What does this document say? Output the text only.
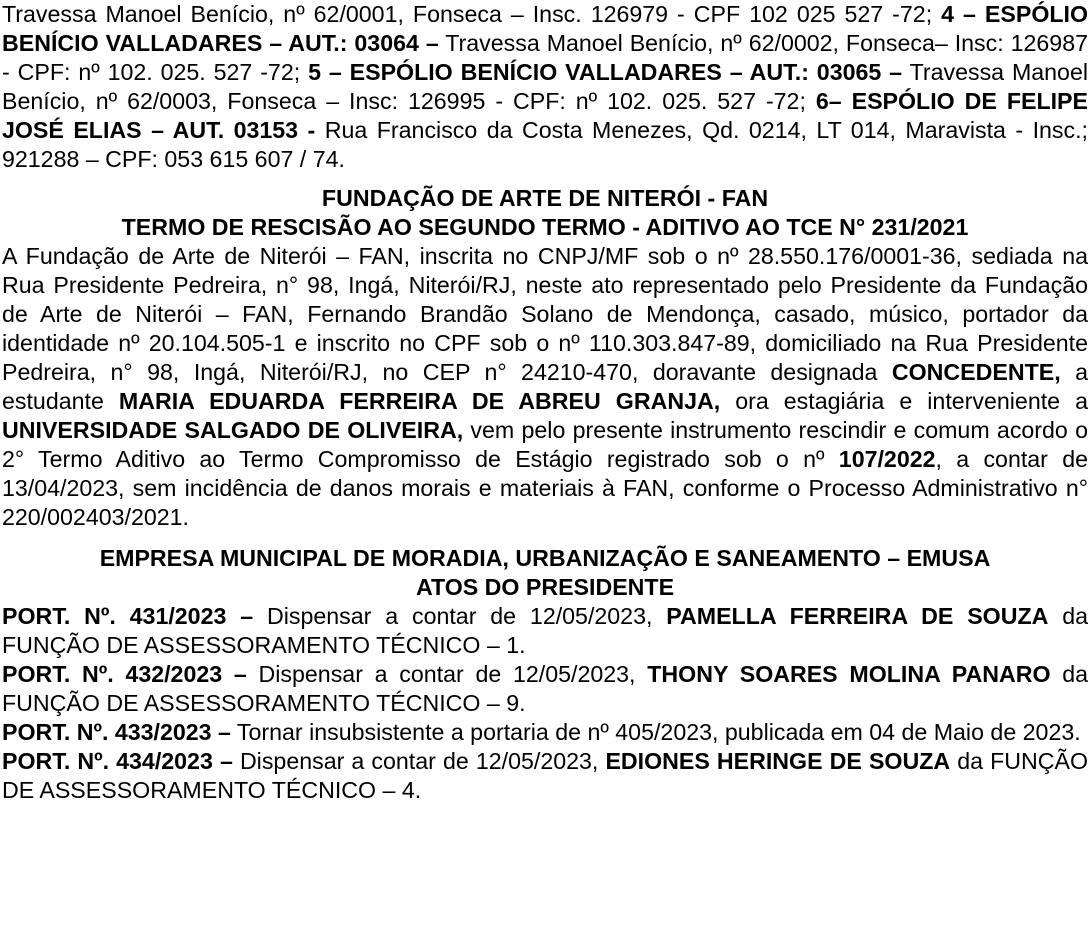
Travessa Manoel Benício, nº 62/0001, Fonseca – Insc. 126979 - CPF 102 025 527 -72; 4 – ESPÓLIO BENÍCIO VALLADARES – AUT.: 03064 – Travessa Manoel Benício, nº 62/0002, Fonseca– Insc: 126987 - CPF: nº 102. 025. 527 -72; 5 – ESPÓLIO BENÍCIO VALLADARES – AUT.: 03065 – Travessa Manoel Benício, nº 62/0003, Fonseca – Insc: 126995 - CPF: nº 102. 025. 527 -72; 6– ESPÓLIO DE FELIPE JOSÉ ELIAS – AUT. 03153 - Rua Francisco da Costa Menezes, Qd. 0214, LT 014, Maravista - Insc.; 921288 – CPF: 053 615 607 / 74.

FUNDAÇÃO DE ARTE DE NITERÓI - FAN
TERMO DE RESCISÃO AO SEGUNDO TERMO - ADITIVO AO TCE N° 231/2021

A Fundação de Arte de Niterói – FAN, inscrita no CNPJ/MF sob o nº 28.550.176/0001-36, sediada na Rua Presidente Pedreira, n° 98, Ingá, Niterói/RJ, neste ato representado pelo Presidente da Fundação de Arte de Niterói – FAN, Fernando Brandão Solano de Mendonça, casado, músico, portador da identidade nº 20.104.505-1 e inscrito no CPF sob o nº 110.303.847-89, domiciliado na Rua Presidente Pedreira, n° 98, Ingá, Niterói/RJ, no CEP n° 24210-470, doravante designada CONCEDENTE, a estudante MARIA EDUARDA FERREIRA DE ABREU GRANJA, ora estagiária e interveniente a UNIVERSIDADE SALGADO DE OLIVEIRA, vem pelo presente instrumento rescindir e comum acordo o 2° Termo Aditivo ao Termo Compromisso de Estágio registrado sob o nº 107/2022, a contar de 13/04/2023, sem incidência de danos morais e materiais à FAN, conforme o Processo Administrativo n° 220/002403/2021.

EMPRESA MUNICIPAL DE MORADIA, URBANIZAÇÃO E SANEAMENTO – EMUSA
ATOS DO PRESIDENTE

PORT. Nº. 431/2023 – Dispensar a contar de 12/05/2023, PAMELLA FERREIRA DE SOUZA da FUNÇÃO DE ASSESSORAMENTO TÉCNICO – 1.

PORT. Nº. 432/2023 – Dispensar a contar de 12/05/2023, THONY SOARES MOLINA PANARO da FUNÇÃO DE ASSESSORAMENTO TÉCNICO – 9.

PORT. Nº. 433/2023 – Tornar insubsistente a portaria de nº 405/2023, publicada em 04 de Maio de 2023.

PORT. Nº. 434/2023 – Dispensar a contar de 12/05/2023, EDIONES HERINGE DE SOUZA da FUNÇÃO DE ASSESSORAMENTO TÉCNICO – 4.
